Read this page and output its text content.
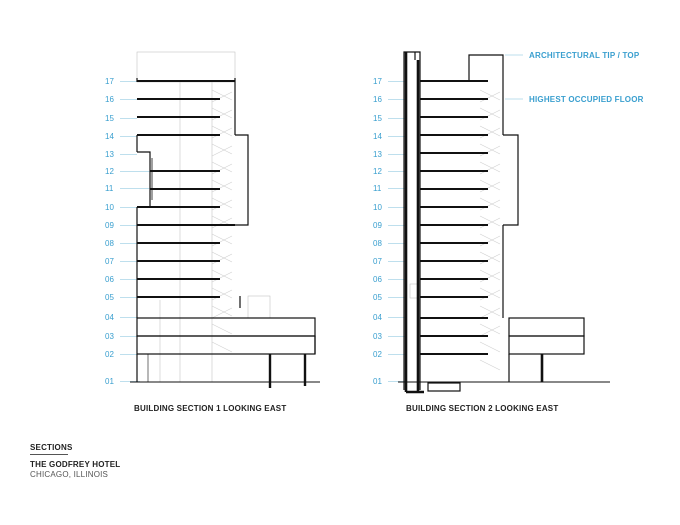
01
02
03
04
05
06
07
08
09
10
11
12
13
14
15
16
17
BUILDING SECTION 1 LOOKING EAST
01
02
03
04
05
06
07
08
09
10
11
12
13
14
15
16
17
ARCHITECTURAL TIP / TOP
HIGHEST OCCUPIED FLOOR
BUILDING SECTION 2 LOOKING EAST
SECTIONS
THE GODFREY HOTEL
CHICAGO, ILLINOIS
